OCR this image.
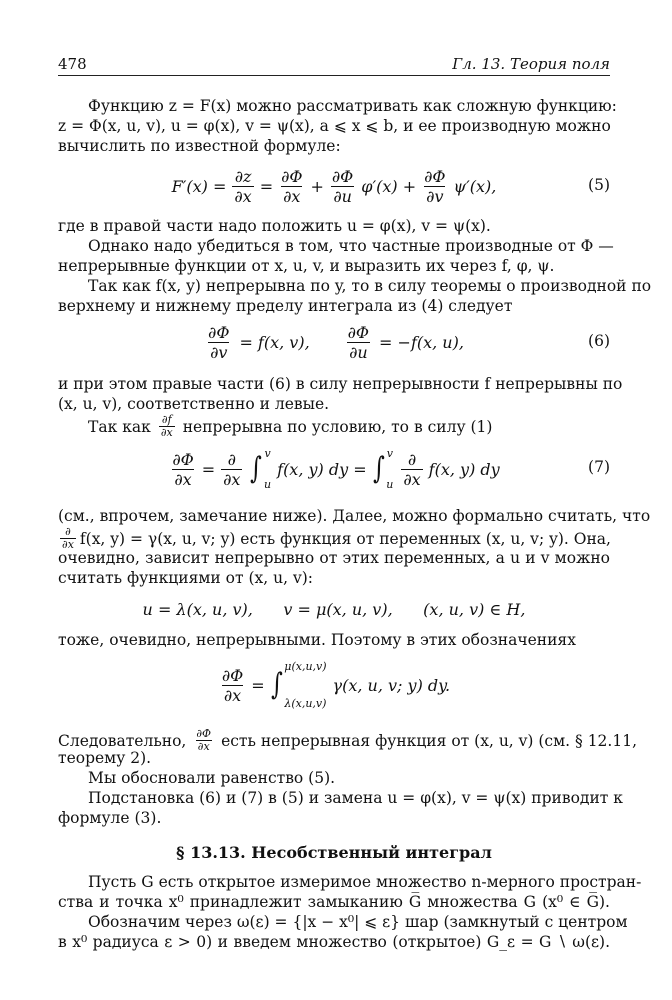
478	Гл. 13. Теория поля
Функцию z = F(x) можно рассматривать как сложную функцию:
z = Φ(x, u, v), u = φ(x), v = ψ(x), a ⩽ x ⩽ b, и ее производную можно
вычислить по известной формуле:
$F'(x) = \frac{\partial z}{\partial x} = \frac{\partial\Phi}{\partial x} + \frac{\partial\Phi}{\partial u} \varphi'(x) + \frac{\partial\Phi}{\partial v} \psi'(x)$,	(5)
где в правой части надо положить u = φ(x), v = ψ(x).
Однако надо убедиться в том, что частные производные от Φ —
непрерывные функции от x, u, v, и выразить их через f, φ, ψ.
Так как f(x, y) непрерывна по y, то в силу теоремы о производной по
верхнему и нижнему пределу интеграла из (4) следует
$\frac{\partial\Phi}{\partial v} = f(x$, v), $\frac{\partial\Phi}{\partial u} = -f(x$, u),	(6)
и при этом правые части (6) в силу непрерывности f непрерывны по
(x, u, v), соответственно и левые.
Так как $\frac{\partial f}{\partial x}$ непрерывна по условию, то в силу (1)
$\frac{\partial\Phi}{\partial x} = \frac{\partial}{\partial x}$ ∫ v
u
f(x, y) dy = ∫ v
u $\frac{\partial}{\partial x} f(x$, y) dy	(7)
(см., впрочем, замечание ниже). Далее, можно формально считать, что
$\frac{\partial}{\partial x} f(x$, y) = γ(x, u, v; y) есть функция от переменных (x, u, v; y). Она,
очевидно, зависит непрерывно от этих переменных, а u и v можно
считать функциями от (x, u, v):
u = λ(x, u, v),      v = μ(x, u, v),      (x, u, v) ∈ H,
тоже, очевидно, непрерывными. Поэтому в этих обозначениях
$\frac{\partial\Phi}{\partial x}$ = ∫
μ(x,u,v)
λ(x,u,v)
γ(x, u, v; y) dy.
Следовательно, $\frac{\partial\Phi}{\partial x}$ есть непрерывная функция от (x, u, v) (см. § 12.11,
теорему 2).
Мы обосновали равенство (5).
Подстановка (6) и (7) в (5) и замена u = φ(x), v = ψ(x) приводит к
формуле (3).
§ 13.13. Несобственный интеграл
Пусть G есть открытое измеримое множество n-мерного простран-
ства и точка x⁰ принадлежит замыканию G̅ множества G (x⁰ ∈ G̅).
Обозначим через ω(ε) = {|x − x⁰| ⩽ ε} шар (замкнутый с центром
в x⁰ радиуса ε > 0) и введем множество (открытое) G_ε = G ∖ ω(ε).
